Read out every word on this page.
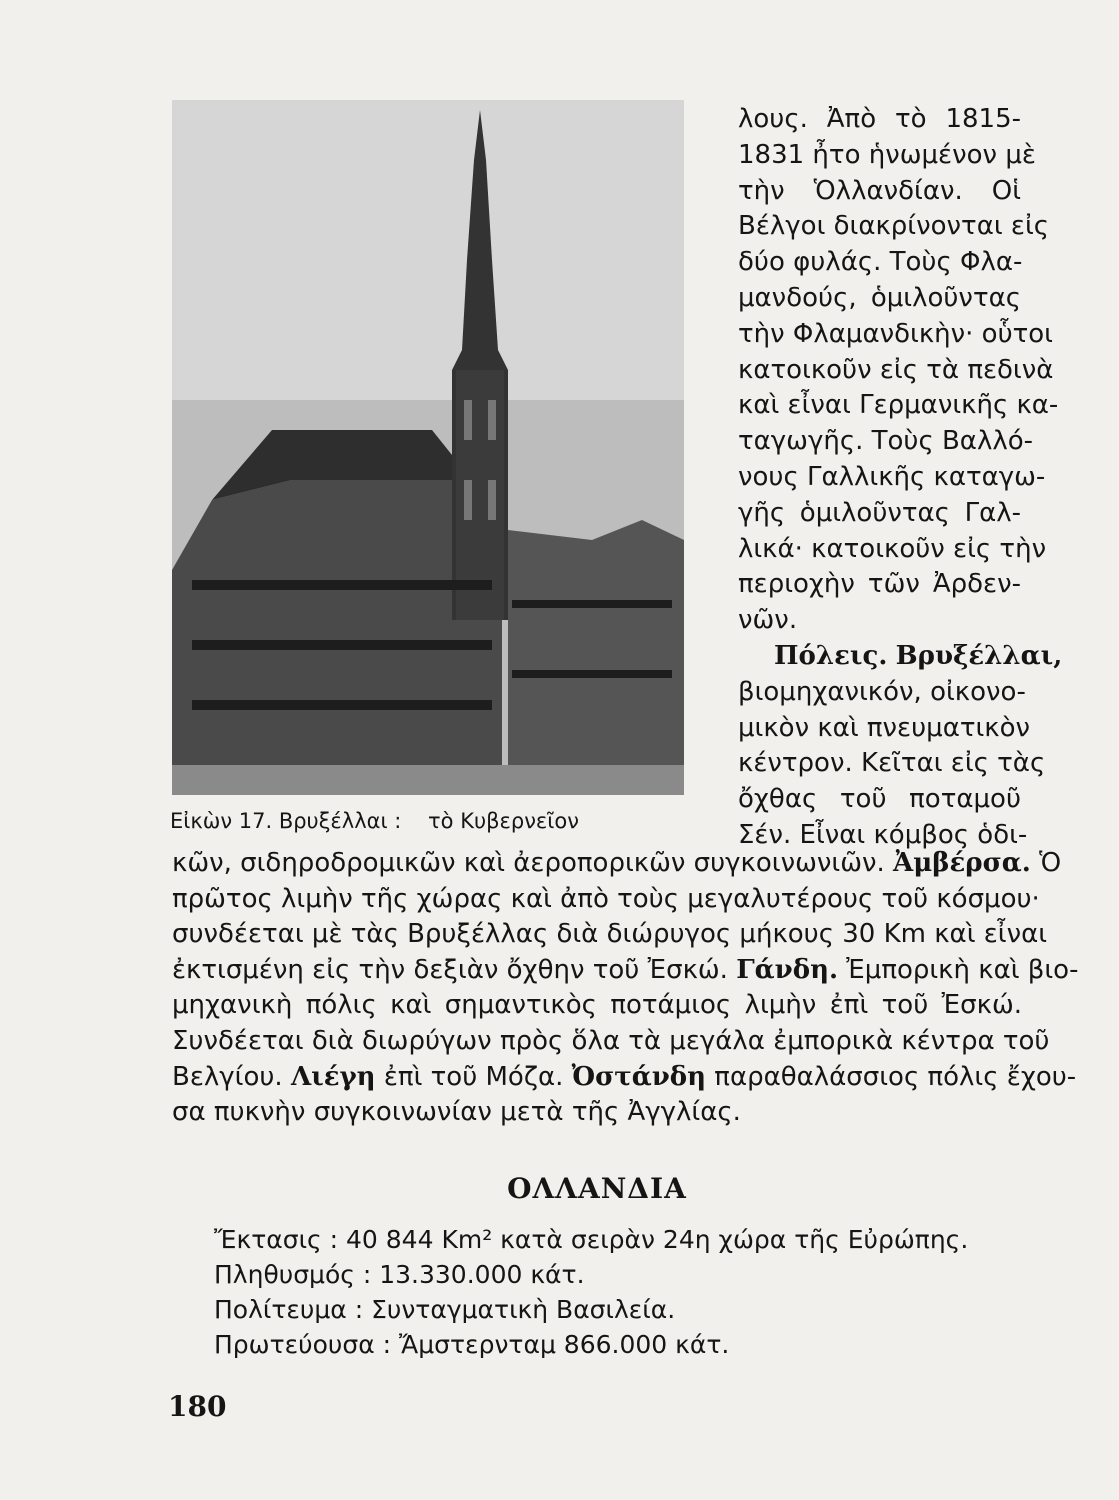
Εἰκὼν 17. Βρυξέλλαι : τὸ Κυβερνεῖον
λους. Ἀπὸ τὸ 1815-
1831 ἦτο ἡνωμένον μὲ
τὴν Ὁλλανδίαν. Οἱ
Βέλγοι διακρίνονται εἰς
δύο φυλάς. Τοὺς Φλα-
μανδούς, ὁμιλοῦντας
τὴν Φλαμανδικὴν· οὗτοι
κατοικοῦν εἰς τὰ πεδινὰ
καὶ εἶναι Γερμανικῆς κα-
ταγωγῆς. Τοὺς Βαλλό-
νους Γαλλικῆς καταγω-
γῆς ὁμιλοῦντας Γαλ-
λικά· κατοικοῦν εἰς τὴν
περιοχὴν τῶν Ἀρδεν-
νῶν.
Πόλεις. Βρυξέλλαι,
βιομηχανικόν, οἰκονο-
μικὸν καὶ πνευματικὸν
κέντρον. Κεῖται εἰς τὰς
ὄχθας τοῦ ποταμοῦ
Σέν. Εἶναι κόμβος ὁδι-
κῶν, σιδηροδρομικῶν καὶ ἀεροπορικῶν συγκοινωνιῶν. Ἀμβέρσα. Ὁ
πρῶτος λιμὴν τῆς χώρας καὶ ἀπὸ τοὺς μεγαλυτέρους τοῦ κόσμου·
συνδέεται μὲ τὰς Βρυξέλλας διὰ διώρυγος μήκους 30 Km καὶ εἶναι
ἐκτισμένη εἰς τὴν δεξιὰν ὄχθην τοῦ Ἐσκώ. Γάνδη. Ἐμπορικὴ καὶ βιο-
μηχανικὴ πόλις καὶ σημαντικὸς ποτάμιος λιμὴν ἐπὶ τοῦ Ἐσκώ.
Συνδέεται διὰ διωρύγων πρὸς ὅλα τὰ μεγάλα ἐμπορικὰ κέντρα τοῦ
Βελγίου. Λιέγη ἐπὶ τοῦ Μόζα. Ὀστάνδη παραθαλάσσιος πόλις ἔχου-
σα πυκνὴν συγκοινωνίαν μετὰ τῆς Ἀγγλίας.
ΟΛΛΑΝΔΙΑ
Ἔκτασις : 40 844 Km² κατὰ σειρὰν 24η χώρα τῆς Εὐρώπης.
Πληθυσμός : 13.330.000 κάτ.
Πολίτευμα : Συνταγματικὴ Βασιλεία.
Πρωτεύουσα : Ἄμστερνταμ 866.000 κάτ.
180
